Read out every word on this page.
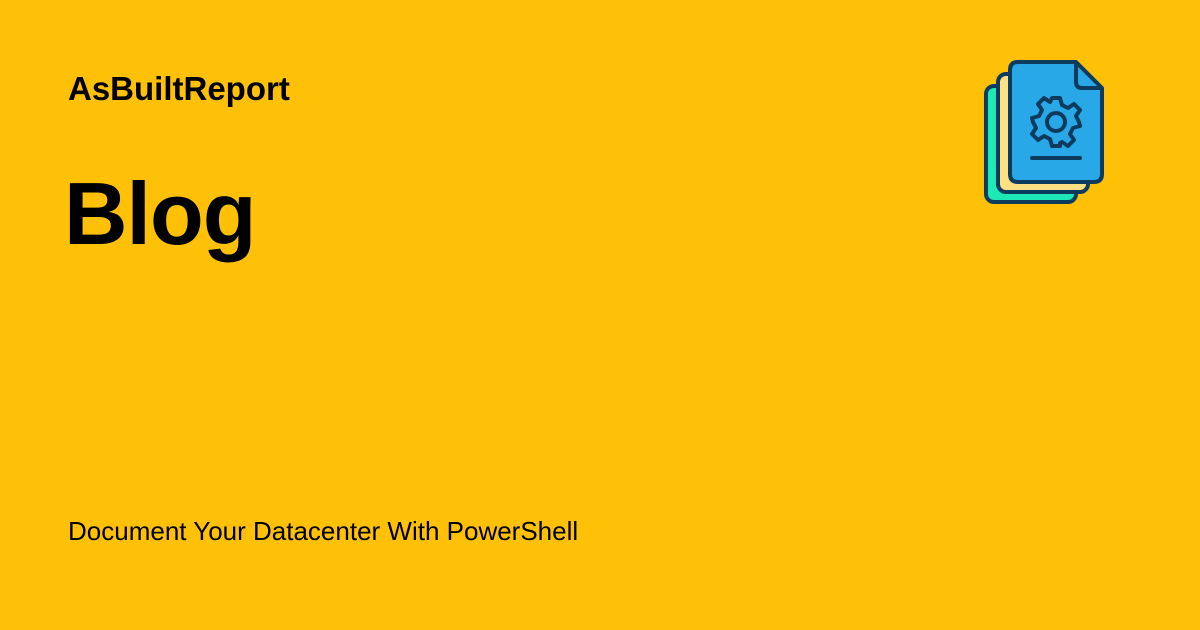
AsBuiltReport
Blog
Document Your Datacenter With PowerShell
